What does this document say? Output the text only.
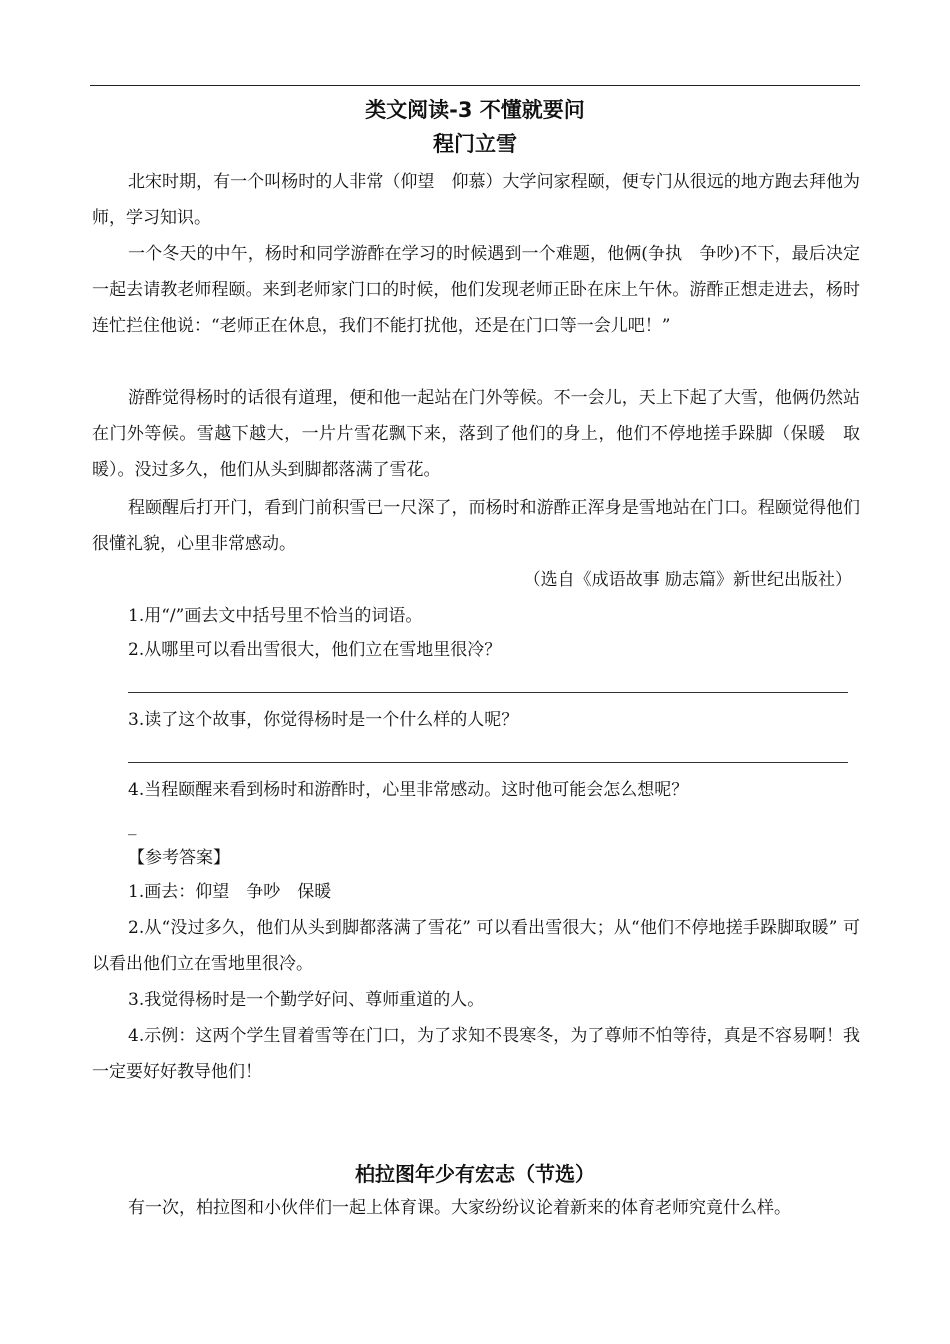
类文阅读-3 不懂就要问
程门立雪

北宋时期，有一个叫杨时的人非常（仰望　仰慕）大学问家程颐，便专门从很远的地方跑去拜他为师，学习知识。

一个冬天的中午，杨时和同学游酢在学习的时候遇到一个难题，他俩(争执　争吵)不下，最后决定一起去请教老师程颐。来到老师家门口的时候，他们发现老师正卧在床上午休。游酢正想走进去，杨时连忙拦住他说：“老师正在休息，我们不能打扰他，还是在门口等一会儿吧！”

游酢觉得杨时的话很有道理，便和他一起站在门外等候。不一会儿，天上下起了大雪，他俩仍然站在门外等候。雪越下越大，一片片雪花飘下来，落到了他们的身上，他们不停地搓手跺脚（保暖　取暖）。没过多久，他们从头到脚都落满了雪花。

程颐醒后打开门，看到门前积雪已一尺深了，而杨时和游酢正浑身是雪地站在门口。程颐觉得他们很懂礼貌，心里非常感动。

（选自《成语故事 励志篇》新世纪出版社）
1.用“/”画去文中括号里不恰当的词语。
2.从哪里可以看出雪很大，他们立在雪地里很冷？
3.读了这个故事，你觉得杨时是一个什么样的人呢？
4.当程颐醒来看到杨时和游酢时，心里非常感动。这时他可能会怎么想呢？
_
【参考答案】
1.画去：仰望　争吵　保暖

2.从“没过多久，他们从头到脚都落满了雪花” 可以看出雪很大；从“他们不停地搓手跺脚取暖” 可以看出他们立在雪地里很冷。

3.我觉得杨时是一个勤学好问、尊师重道的人。

4.示例：这两个学生冒着雪等在门口，为了求知不畏寒冬，为了尊师不怕等待，真是不容易啊！我一定要好好教导他们！

柏拉图年少有宏志（节选）
有一次，柏拉图和小伙伴们一起上体育课。大家纷纷议论着新来的体育老师究竟什么样。
